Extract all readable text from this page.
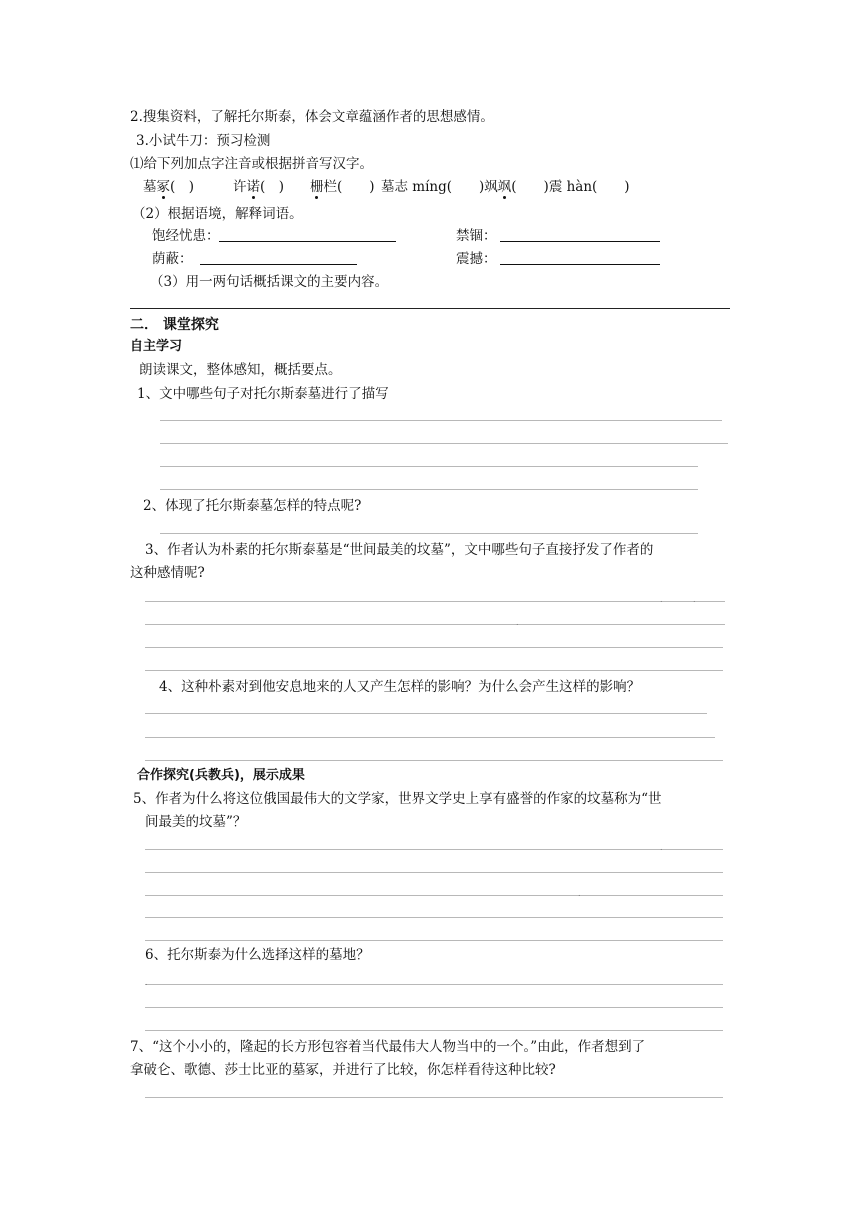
2.搜集资料，了解托尔斯泰，体会文章蕴涵作者的思想感情。
3.小试牛刀：预习检测
⑴给下列加点字注音或根据拼音写汉字。
墓冢(　)	许诺(　) 栅栏(　　) 墓志 míng(　　)飒飒(　　)震 hàn(　　)
（2）根据语境，解释词语。
饱经忧患：	禁锢：
荫蔽：	震撼：
（3）用一两句话概括课文的主要内容。
二． 课堂探究
自主学习
朗读课文，整体感知，概括要点。
1、文中哪些句子对托尔斯泰墓进行了描写
2、体现了托尔斯泰墓怎样的特点呢?
3、作者认为朴素的托尔斯泰墓是“世间最美的坟墓”，文中哪些句子直接抒发了作者的
这种感情呢?
.	.
.
4、这种朴素对到他安息地来的人又产生怎样的影响？为什么会产生这样的影响？
合作探究(兵教兵)，展示成果
5、作者为什么将这位俄国最伟大的文学家，世界文学史上享有盛誉的作家的坟墓称为“世
间最美的坟墓”？
.
.
6、托尔斯泰为什么选择这样的墓地？
.
7、“这个小小的，隆起的长方形包容着当代最伟大人物当中的一个。”由此，作者想到了
拿破仑、歌德、莎士比亚的墓冢，并进行了比较，你怎样看待这种比较?
